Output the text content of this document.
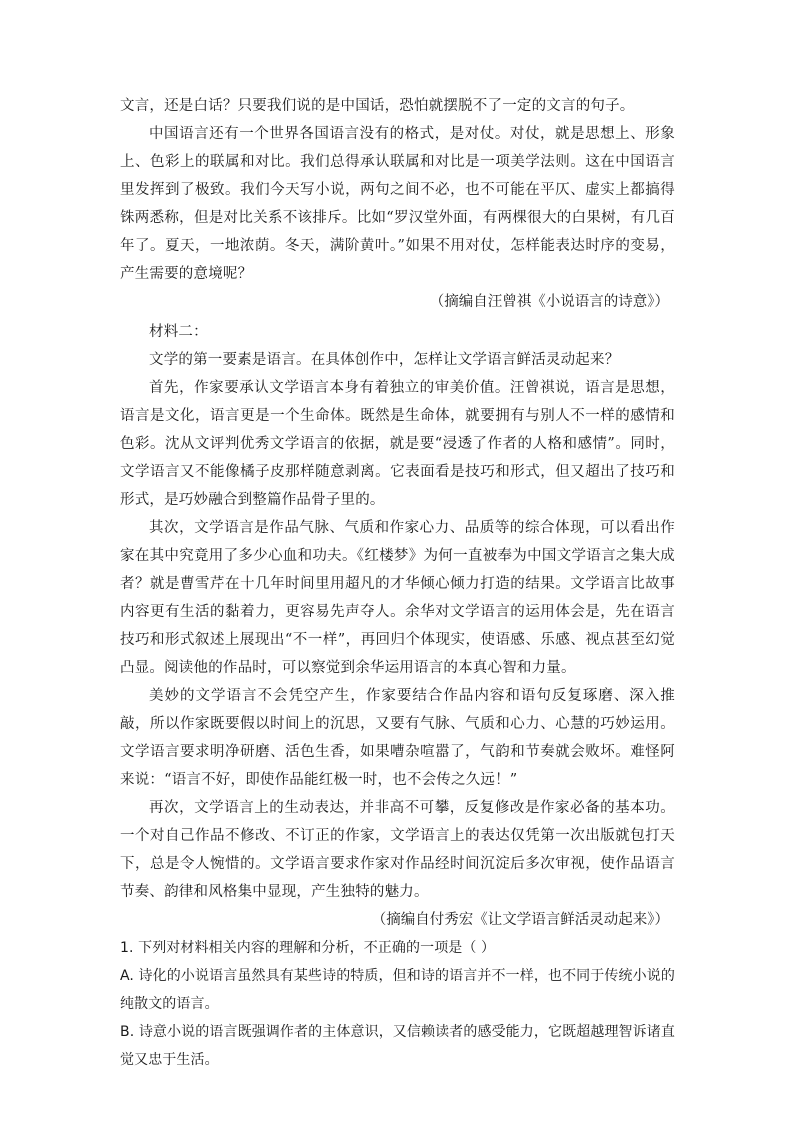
文言，还是白话？只要我们说的是中国话，恐怕就摆脱不了一定的文言的句子。

中国语言还有一个世界各国语言没有的格式，是对仗。对仗，就是思想上、形象上、色彩上的联属和对比。我们总得承认联属和对比是一项美学法则。这在中国语言里发挥到了极致。我们今天写小说，两句之间不必，也不可能在平仄、虚实上都搞得铢两悉称，但是对比关系不该排斥。比如“罗汉堂外面，有两棵很大的白果树，有几百年了。夏天，一地浓荫。冬天，满阶黄叶。”如果不用对仗，怎样能表达时序的变易，产生需要的意境呢？

（摘编自汪曾祺《小说语言的诗意》）

材料二：

文学的第一要素是语言。在具体创作中，怎样让文学语言鲜活灵动起来？

首先，作家要承认文学语言本身有着独立的审美价值。汪曾祺说，语言是思想，语言是文化，语言更是一个生命体。既然是生命体，就要拥有与别人不一样的感情和色彩。沈从文评判优秀文学语言的依据，就是要“浸透了作者的人格和感情”。同时，文学语言又不能像橘子皮那样随意剥离。它表面看是技巧和形式，但又超出了技巧和形式，是巧妙融合到整篇作品骨子里的。

其次，文学语言是作品气脉、气质和作家心力、品质等的综合体现，可以看出作家在其中究竟用了多少心血和功夫。《红楼梦》为何一直被奉为中国文学语言之集大成者？就是曹雪芹在十几年时间里用超凡的才华倾心倾力打造的结果。文学语言比故事内容更有生活的黏着力，更容易先声夺人。余华对文学语言的运用体会是，先在语言技巧和形式叙述上展现出“不一样”，再回归个体现实，使语感、乐感、视点甚至幻觉凸显。阅读他的作品时，可以察觉到余华运用语言的本真心智和力量。

美妙的文学语言不会凭空产生，作家要结合作品内容和语句反复琢磨、深入推敲，所以作家既要假以时间上的沉思，又要有气脉、气质和心力、心慧的巧妙运用。文学语言要求明净研磨、活色生香，如果嘈杂喧嚣了，气韵和节奏就会败坏。难怪阿来说：“语言不好，即使作品能红极一时，也不会传之久远！”

再次，文学语言上的生动表达，并非高不可攀，反复修改是作家必备的基本功。一个对自己作品不修改、不订正的作家，文学语言上的表达仅凭第一次出版就包打天下，总是令人惋惜的。文学语言要求作家对作品经时间沉淀后多次审视，使作品语言节奏、韵律和风格集中显现，产生独特的魅力。

（摘编自付秀宏《让文学语言鲜活灵动起来》）

1. 下列对材料相关内容的理解和分析，不正确的一项是（ ）

A. 诗化的小说语言虽然具有某些诗的特质，但和诗的语言并不一样，也不同于传统小说的纯散文的语言。

B. 诗意小说的语言既强调作者的主体意识，又信赖读者的感受能力，它既超越理智诉诸直觉又忠于生活。
